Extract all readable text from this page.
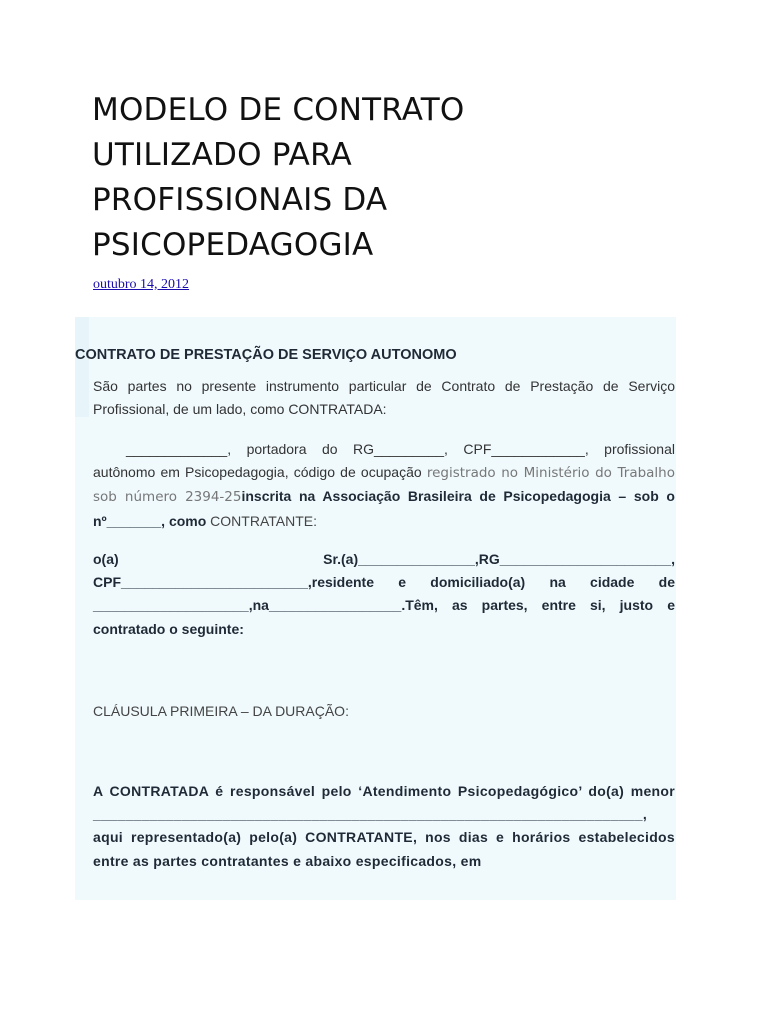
MODELO DE CONTRATO
UTILIZADO PARA
PROFISSIONAIS DA
PSICOPEDAGOGIA
outubro 14, 2012
CONTRATO DE PRESTAÇÃO DE SERVIÇO AUTONOMO

São partes no presente instrumento particular de Contrato de Prestação de Serviço Profissional, de um lado, como CONTRATADA:

_____________, portadora do RG_________, CPF____________, profissional autônomo em Psicopedagogia, código de ocupação registrado no Ministério do Trabalho sob número 2394-25inscrita na Associação Brasileira de Psicopedagogia – sob o nº_______, como CONTRATANTE:

o(a) Sr.(a)_______________,RG______________________, CPF________________________,residente e domiciliado(a) na cidade de ____________________,na_________________.Têm, as partes, entre si, justo e contratado o seguinte:

CLÁUSULA PRIMEIRA – DA DURAÇÃO:

A CONTRATADA é responsável pelo ‘Atendimento Psicopedagógico’ do(a) menor ____________________________________________________________________, aqui representado(a) pelo(a) CONTRATANTE, nos dias e horários estabelecidos entre as partes contratantes e abaixo especificados, em
